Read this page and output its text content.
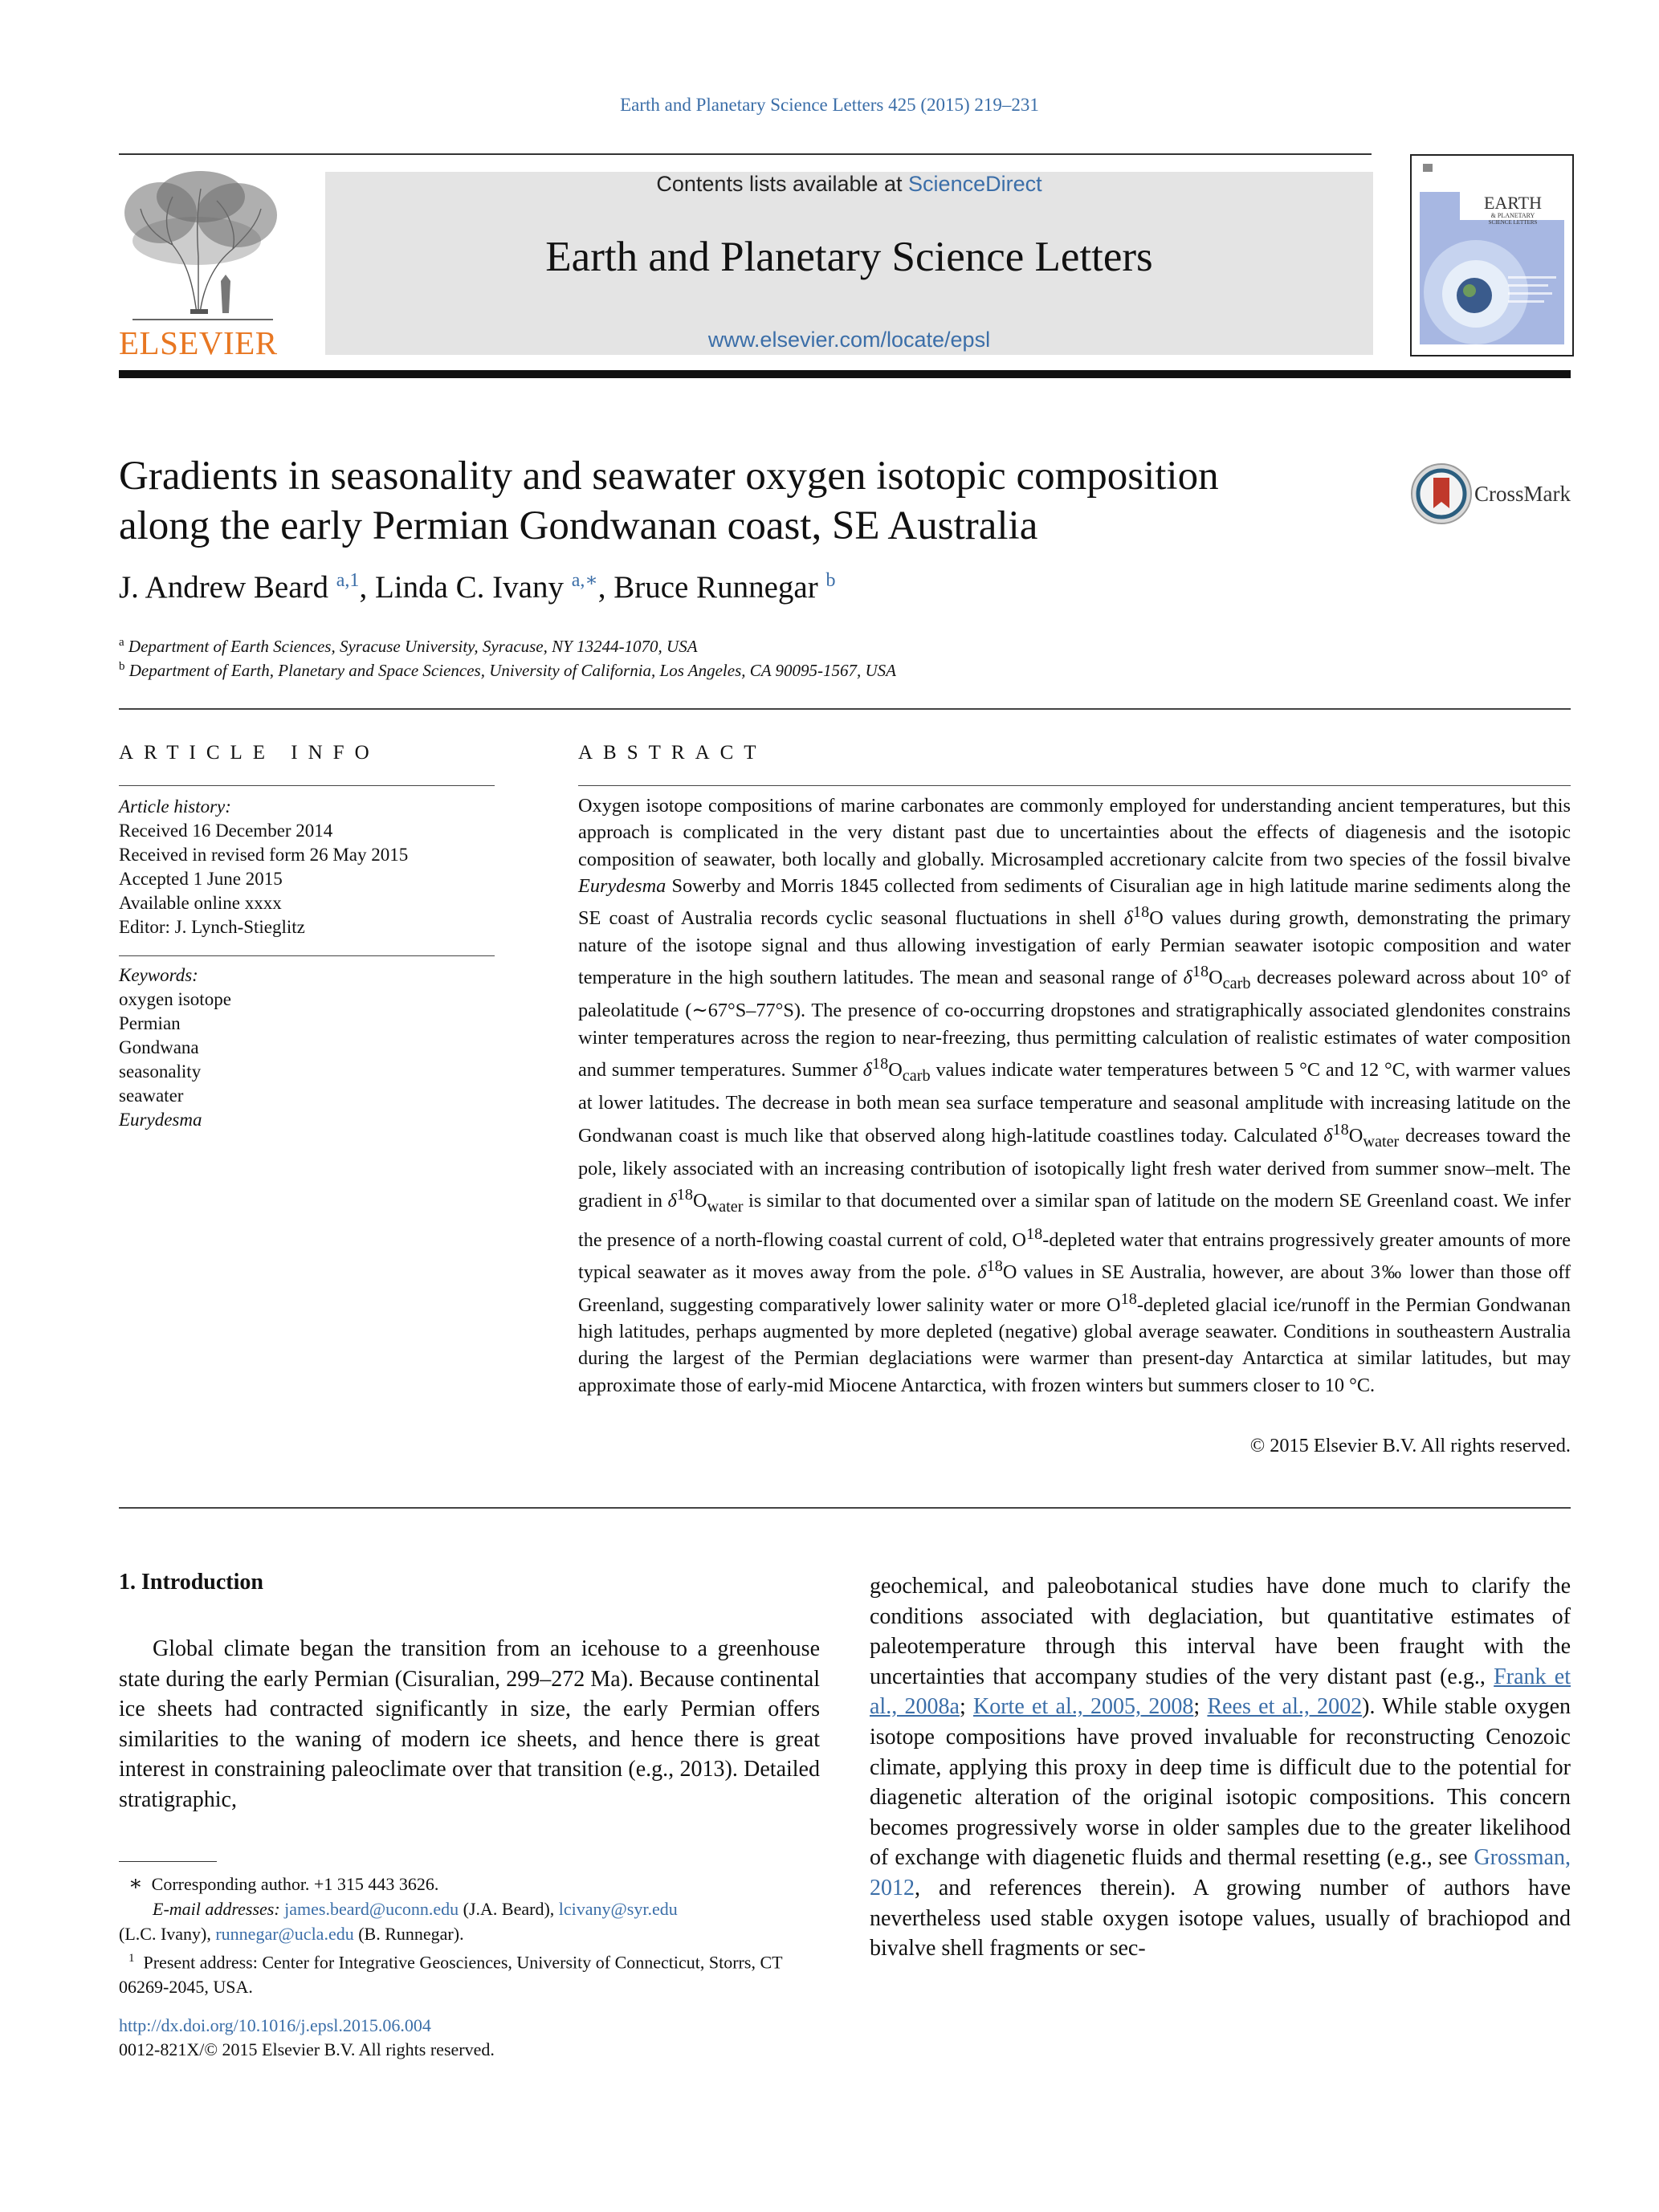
Earth and Planetary Science Letters 425 (2015) 219–231
ELSEVIER
Contents lists available at ScienceDirect
Earth and Planetary Science Letters
www.elsevier.com/locate/epsl
EARTH
& PLANETARY
SCIENCE LETTERS
Gradients in seasonality and seawater oxygen isotopic composition
along the early Permian Gondwanan coast, SE Australia
CrossMark
J. Andrew Beard $^{a,1}$, Linda C. Ivany $^{a,∗}$, Bruce Runnegar $^b$
$^a$ Department of Earth Sciences, Syracuse University, Syracuse, NY 13244-1070, USA
$^b$ Department of Earth, Planetary and Space Sciences, University of California, Los Angeles, CA 90095-1567, USA
ARTICLE INFO
Article history:
Received 16 December 2014
Received in revised form 26 May 2015
Accepted 1 June 2015
Available online xxxx
Editor: J. Lynch-Stieglitz
Keywords:
oxygen isotope
Permian
Gondwana
seasonality
seawater
Eurydesma
ABSTRACT
Oxygen isotope compositions of marine carbonates are commonly employed for understanding ancient temperatures, but this approach is complicated in the very distant past due to uncertainties about the effects of diagenesis and the isotopic composition of seawater, both locally and globally. Microsampled accretionary calcite from two species of the fossil bivalve Eurydesma Sowerby and Morris 1845 collected from sediments of Cisuralian age in high latitude marine sediments along the SE coast of Australia records cyclic seasonal fluctuations in shell $\delta^{18}O$ values during growth, demonstrating the primary nature of the isotope signal and thus allowing investigation of early Permian seawater isotopic composition and water temperature in the high southern latitudes. The mean and seasonal range of $\delta^{18}O_{carb}$ decreases poleward across about 10° of paleolatitude (∼67°S–77°S). The presence of co-occurring dropstones and stratigraphically associated glendonites constrains winter temperatures across the region to near-freezing, thus permitting calculation of realistic estimates of water composition and summer temperatures. Summer $\delta^{18}O_{carb}$ values indicate water temperatures between 5 °C and 12 °C, with warmer values at lower latitudes. The decrease in both mean sea surface temperature and seasonal amplitude with increasing latitude on the Gondwanan coast is much like that observed along high-latitude coastlines today. Calculated $\delta^{18}O_{water}$ decreases toward the pole, likely associated with an increasing contribution of isotopically light fresh water derived from summer snow–melt. The gradient in $\delta^{18}O_{water}$ is similar to that documented over a similar span of latitude on the modern SE Greenland coast. We infer the presence of a north-flowing coastal current of cold, $O^{18}$-depleted water that entrains progressively greater amounts of more typical seawater as it moves away from the pole. $\delta^{18}O$ values in SE Australia, however, are about 3‰ lower than those off Greenland, suggesting comparatively lower salinity water or more $O^{18}$-depleted glacial ice/runoff in the Permian Gondwanan high latitudes, perhaps augmented by more depleted (negative) global average seawater. Conditions in southeastern Australia during the largest of the Permian deglaciations were warmer than present-day Antarctica at similar latitudes, but may approximate those of early-mid Miocene Antarctica, with frozen winters but summers closer to 10 °C.
© 2015 Elsevier B.V. All rights reserved.
1. Introduction
Global climate began the transition from an icehouse to a greenhouse state during the early Permian (Cisuralian, 299–272 Ma). Because continental ice sheets had contracted significantly in size, the early Permian offers similarities to the waning of modern ice sheets, and hence there is great interest in constraining paleoclimate over that transition (e.g., 2013). Detailed stratigraphic,
geochemical, and paleobotanical studies have done much to clarify the conditions associated with deglaciation, but quantitative estimates of paleotemperature through this interval have been fraught with the uncertainties that accompany studies of the very distant past (e.g., Frank et al., 2008a; Korte et al., 2005, 2008; Rees et al., 2002). While stable oxygen isotope compositions have proved invaluable for reconstructing Cenozoic climate, applying this proxy in deep time is difficult due to the potential for diagenetic alteration of the original isotopic compositions. This concern becomes progressively worse in older samples due to the greater likelihood of exchange with diagenetic fluids and thermal resetting (e.g., see Grossman, 2012, and references therein). A growing number of authors have nevertheless used stable oxygen isotope values, usually of brachiopod and bivalve shell fragments or sec-
∗ Corresponding author. +1 315 443 3626.
E-mail addresses: james.beard@uconn.edu (J.A. Beard), lcivany@syr.edu
(L.C. Ivany), runnegar@ucla.edu (B. Runnegar).
$^1$ Present address: Center for Integrative Geosciences, University of Connecticut, Storrs, CT 06269-2045, USA.
http://dx.doi.org/10.1016/j.epsl.2015.06.004
0012-821X/© 2015 Elsevier B.V. All rights reserved.
